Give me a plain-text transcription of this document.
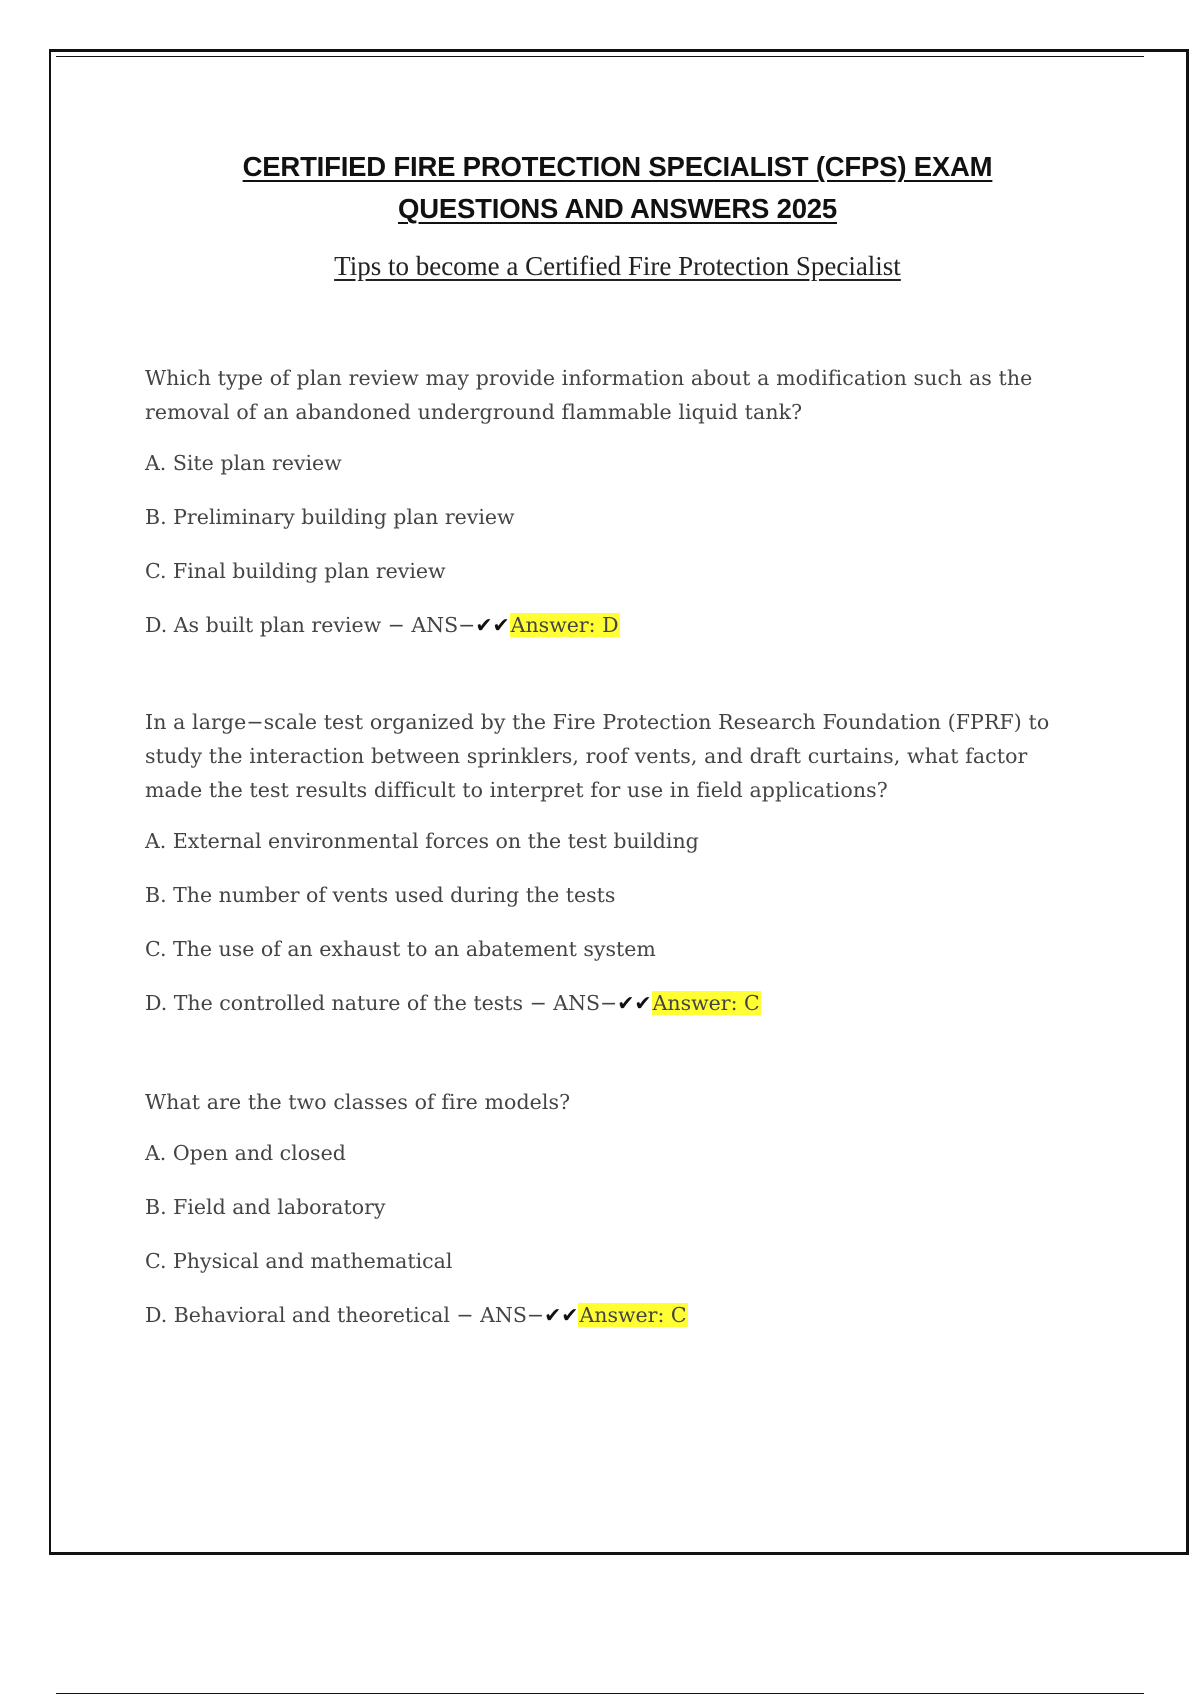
CERTIFIED FIRE PROTECTION SPECIALIST (CFPS) EXAM
QUESTIONS AND ANSWERS 2025

Tips to become a Certified Fire Protection Specialist

Which type of plan review may provide information about a modification such as the
removal of an abandoned underground flammable liquid tank?

A. Site plan review

B. Preliminary building plan review

C. Final building plan review

D. As built plan review − ANS−✔✔Answer: D

In a large−scale test organized by the Fire Protection Research Foundation (FPRF) to
study the interaction between sprinklers, roof vents, and draft curtains, what factor
made the test results difficult to interpret for use in field applications?

A. External environmental forces on the test building

B. The number of vents used during the tests

C. The use of an exhaust to an abatement system

D. The controlled nature of the tests − ANS−✔✔Answer: C

What are the two classes of fire models?

A. Open and closed

B. Field and laboratory

C. Physical and mathematical

D. Behavioral and theoretical − ANS−✔✔Answer: C
